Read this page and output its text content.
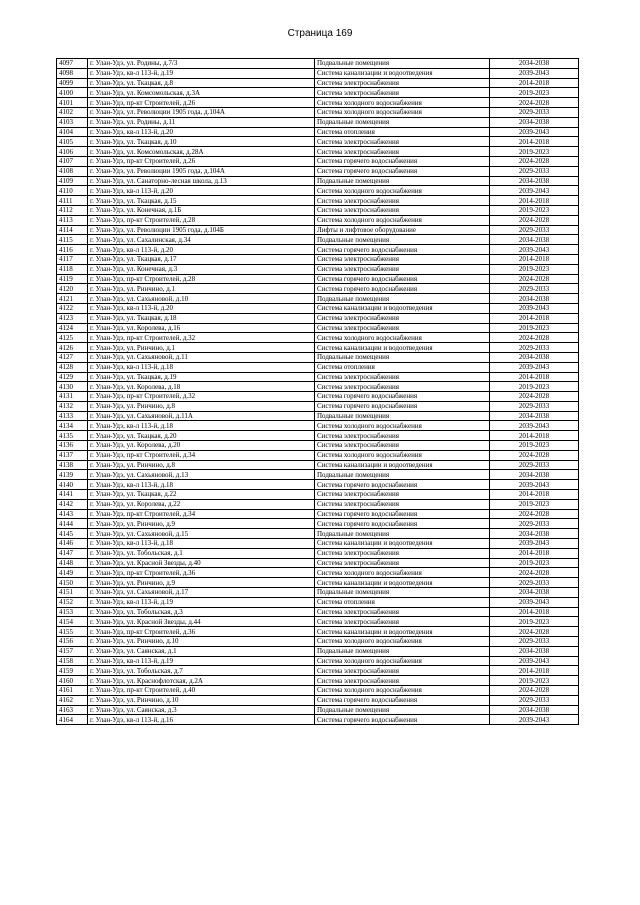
Страница 169
4097	г. Улан-Удэ, ул. Родины, д.7/3	Подвальные помещения	2034-2038
4098	г. Улан-Удэ, кв-л 113-й, д.19	Система канализации и водоотведения	2039-2043
4099	г. Улан-Удэ, ул. Ткацкая, д.8	Система электроснабжения	2014-2018
4100	г. Улан-Удэ, ул. Комсомольская, д.3А	Система электроснабжения	2019-2023
4101	г. Улан-Удэ, пр-кт Строителей, д.26	Система холодного водоснабжения	2024-2028
4102	г. Улан-Удэ, ул. Революции 1905 года, д.104А	Система холодного водоснабжения	2029-2033
4103	г. Улан-Удэ, ул. Родины, д.11	Подвальные помещения	2034-2038
4104	г. Улан-Удэ, кв-л 113-й, д.20	Система отопления	2039-2043
4105	г. Улан-Удэ, ул. Ткацкая, д.10	Система электроснабжения	2014-2018
4106	г. Улан-Удэ, ул. Комсомольская, д.28А	Система электроснабжения	2019-2023
4107	г. Улан-Удэ, пр-кт Строителей, д.26	Система горячего водоснабжения	2024-2028
4108	г. Улан-Удэ, ул. Революции 1905 года, д.104А	Система горячего водоснабжения	2029-2033
4109	г. Улан-Удэ, ул. Санаторно-лесная школа, д.13	Подвальные помещения	2034-2038
4110	г. Улан-Удэ, кв-л 113-й, д.20	Система холодного водоснабжения	2039-2043
4111	г. Улан-Удэ, ул. Ткацкая, д.15	Система электроснабжения	2014-2018
4112	г. Улан-Удэ, ул. Конечная, д.1Б	Система электроснабжения	2019-2023
4113	г. Улан-Удэ, пр-кт Строителей, д.28	Система холодного водоснабжения	2024-2028
4114	г. Улан-Удэ, ул. Революции 1905 года, д.104Б	Лифты и лифтовое оборудование	2029-2033
4115	г. Улан-Удэ, ул. Сахалинская, д.34	Подвальные помещения	2034-2038
4116	г. Улан-Удэ, кв-л 113-й, д.20	Система горячего водоснабжения	2039-2043
4117	г. Улан-Удэ, ул. Ткацкая, д.17	Система электроснабжения	2014-2018
4118	г. Улан-Удэ, ул. Конечная, д.3	Система электроснабжения	2019-2023
4119	г. Улан-Удэ, пр-кт Строителей, д.28	Система горячего водоснабжения	2024-2028
4120	г. Улан-Удэ, ул. Ринчино, д.1	Система горячего водоснабжения	2029-2033
4121	г. Улан-Удэ, ул. Сахьяновой, д.10	Подвальные помещения	2034-2038
4122	г. Улан-Удэ, кв-л 113-й, д.20	Система канализации и водоотведения	2039-2043
4123	г. Улан-Удэ, ул. Ткацкая, д.18	Система электроснабжения	2014-2018
4124	г. Улан-Удэ, ул. Королева, д.16	Система электроснабжения	2019-2023
4125	г. Улан-Удэ, пр-кт Строителей, д.32	Система холодного водоснабжения	2024-2028
4126	г. Улан-Удэ, ул. Ринчино, д.1	Система канализации и водоотведения	2029-2033
4127	г. Улан-Удэ, ул. Сахьяновой, д.11	Подвальные помещения	2034-2038
4128	г. Улан-Удэ, кв-л 113-й, д.18	Система отопления	2039-2043
4129	г. Улан-Удэ, ул. Ткацкая, д.19	Система электроснабжения	2014-2018
4130	г. Улан-Удэ, ул. Королева, д.18	Система электроснабжения	2019-2023
4131	г. Улан-Удэ, пр-кт Строителей, д.32	Система горячего водоснабжения	2024-2028
4132	г. Улан-Удэ, ул. Ринчино, д.8	Система горячего водоснабжения	2029-2033
4133	г. Улан-Удэ, ул. Сахьяновой, д.11А	Подвальные помещения	2034-2038
4134	г. Улан-Удэ, кв-л 113-й, д.18	Система холодного водоснабжения	2039-2043
4135	г. Улан-Удэ, ул. Ткацкая, д.20	Система электроснабжения	2014-2018
4136	г. Улан-Удэ, ул. Королева, д.20	Система электроснабжения	2019-2023
4137	г. Улан-Удэ, пр-кт Строителей, д.34	Система холодного водоснабжения	2024-2028
4138	г. Улан-Удэ, ул. Ринчино, д.8	Система канализации и водоотведения	2029-2033
4139	г. Улан-Удэ, ул. Сахьяновой, д.13	Подвальные помещения	2034-2038
4140	г. Улан-Удэ, кв-л 113-й, д.18	Система горячего водоснабжения	2039-2043
4141	г. Улан-Удэ, ул. Ткацкая, д.22	Система электроснабжения	2014-2018
4142	г. Улан-Удэ, ул. Королева, д.22	Система электроснабжения	2019-2023
4143	г. Улан-Удэ, пр-кт Строителей, д.34	Система горячего водоснабжения	2024-2028
4144	г. Улан-Удэ, ул. Ринчино, д.9	Система горячего водоснабжения	2029-2033
4145	г. Улан-Удэ, ул. Сахьяновой, д.15	Подвальные помещения	2034-2038
4146	г. Улан-Удэ, кв-л 113-й, д.18	Система канализации и водоотведения	2039-2043
4147	г. Улан-Удэ, ул. Тобольская, д.1	Система электроснабжения	2014-2018
4148	г. Улан-Удэ, ул. Красной Звезды, д.40	Система электроснабжения	2019-2023
4149	г. Улан-Удэ, пр-кт Строителей, д.36	Система холодного водоснабжения	2024-2028
4150	г. Улан-Удэ, ул. Ринчино, д.9	Система канализации и водоотведения	2029-2033
4151	г. Улан-Удэ, ул. Сахьяновой, д.17	Подвальные помещения	2034-2038
4152	г. Улан-Удэ, кв-л 113-й, д.19	Система отопления	2039-2043
4153	г. Улан-Удэ, ул. Тобольская, д.3	Система электроснабжения	2014-2018
4154	г. Улан-Удэ, ул. Красной Звезды, д.44	Система электроснабжения	2019-2023
4155	г. Улан-Удэ, пр-кт Строителей, д.36	Система канализации и водоотведения	2024-2028
4156	г. Улан-Удэ, ул. Ринчино, д.10	Система холодного водоснабжения	2029-2033
4157	г. Улан-Удэ, ул. Саянская, д.1	Подвальные помещения	2034-2038
4158	г. Улан-Удэ, кв-л 113-й, д.19	Система холодного водоснабжения	2039-2043
4159	г. Улан-Удэ, ул. Тобольская, д.7	Система электроснабжения	2014-2018
4160	г. Улан-Удэ, ул. Краснофлотская, д.2А	Система электроснабжения	2019-2023
4161	г. Улан-Удэ, пр-кт Строителей, д.40	Система холодного водоснабжения	2024-2028
4162	г. Улан-Удэ, ул. Ринчино, д.10	Система горячего водоснабжения	2029-2033
4163	г. Улан-Удэ, ул. Саянская, д.3	Подвальные помещения	2034-2038
4164	г. Улан-Удэ, кв-л 113-й, д.16	Система горячего водоснабжения	2039-2043
